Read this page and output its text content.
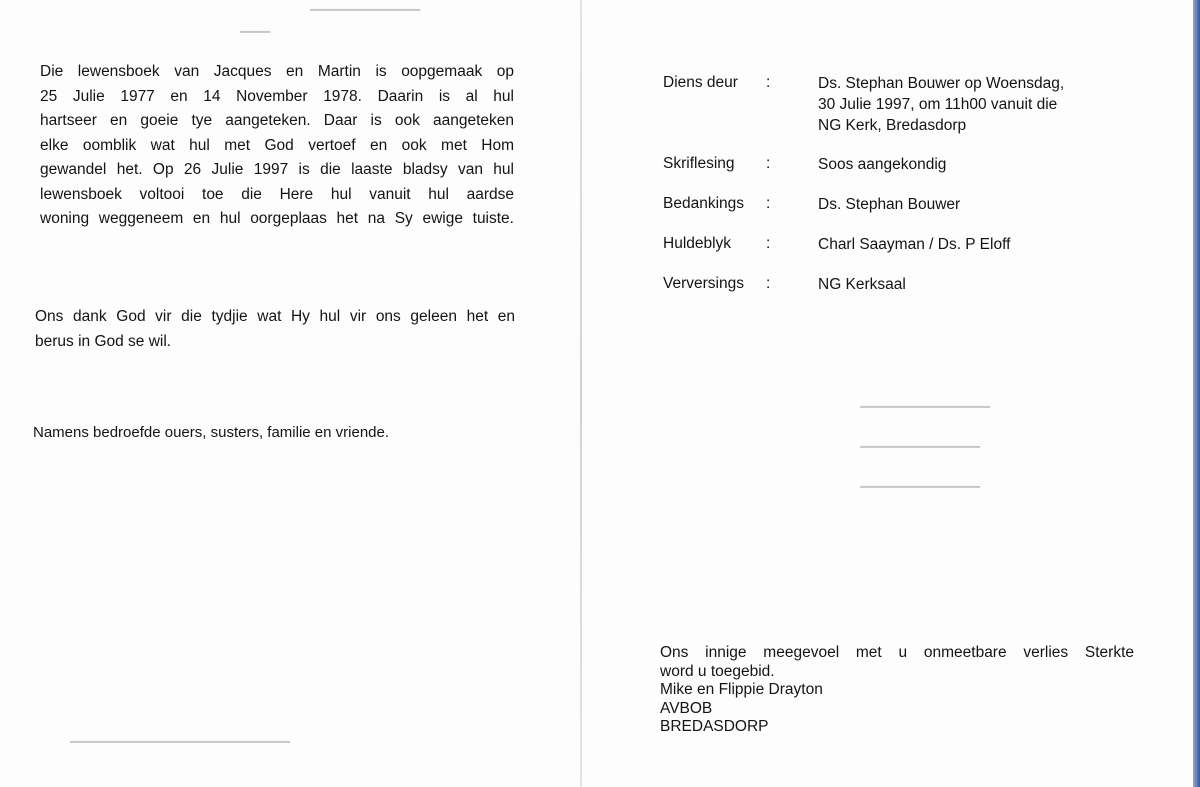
▔▔▔▔▔▔▔▔▔▔▔
▔▔▔
▔▔▔▔▔▔▔▔▔▔▔▔▔
▔▔▔▔▔▔▔▔▔▔▔▔
▔▔▔▔▔▔▔▔▔▔▔▔
▔▔▔▔▔▔▔▔▔▔▔▔▔▔▔▔▔▔▔▔▔▔
Die lewensboek van Jacques en Martin is oopgemaak op
25 Julie 1977 en 14 November 1978. Daarin is al hul
hartseer en goeie tye aangeteken. Daar is ook aangeteken
elke oomblik wat hul met God vertoef en ook met Hom
gewandel het. Op 26 Julie 1997 is die laaste bladsy van hul
lewensboek voltooi toe die Here hul vanuit hul aardse
woning weggeneem en hul oorgeplaas het na Sy ewige tuiste.
Ons dank God vir die tydjie wat Hy hul vir ons geleen het en
berus in God se wil.
Namens bedroefde ouers, susters, familie en vriende.
Diens deur :	Ds. Stephan Bouwer op Woensdag,
30 Julie 1997, om 11h00 vanuit die
NG Kerk, Bredasdorp
Skriflesing :	Soos aangekondig
Bedankings :	Ds. Stephan Bouwer
Huldeblyk :	Charl Saayman / Ds. P Eloff
Verversings :	NG Kerksaal
Ons innige meegevoel met u onmeetbare verlies Sterkte
word u toegebid.
Mike en Flippie Drayton
AVBOB
BREDASDORP
